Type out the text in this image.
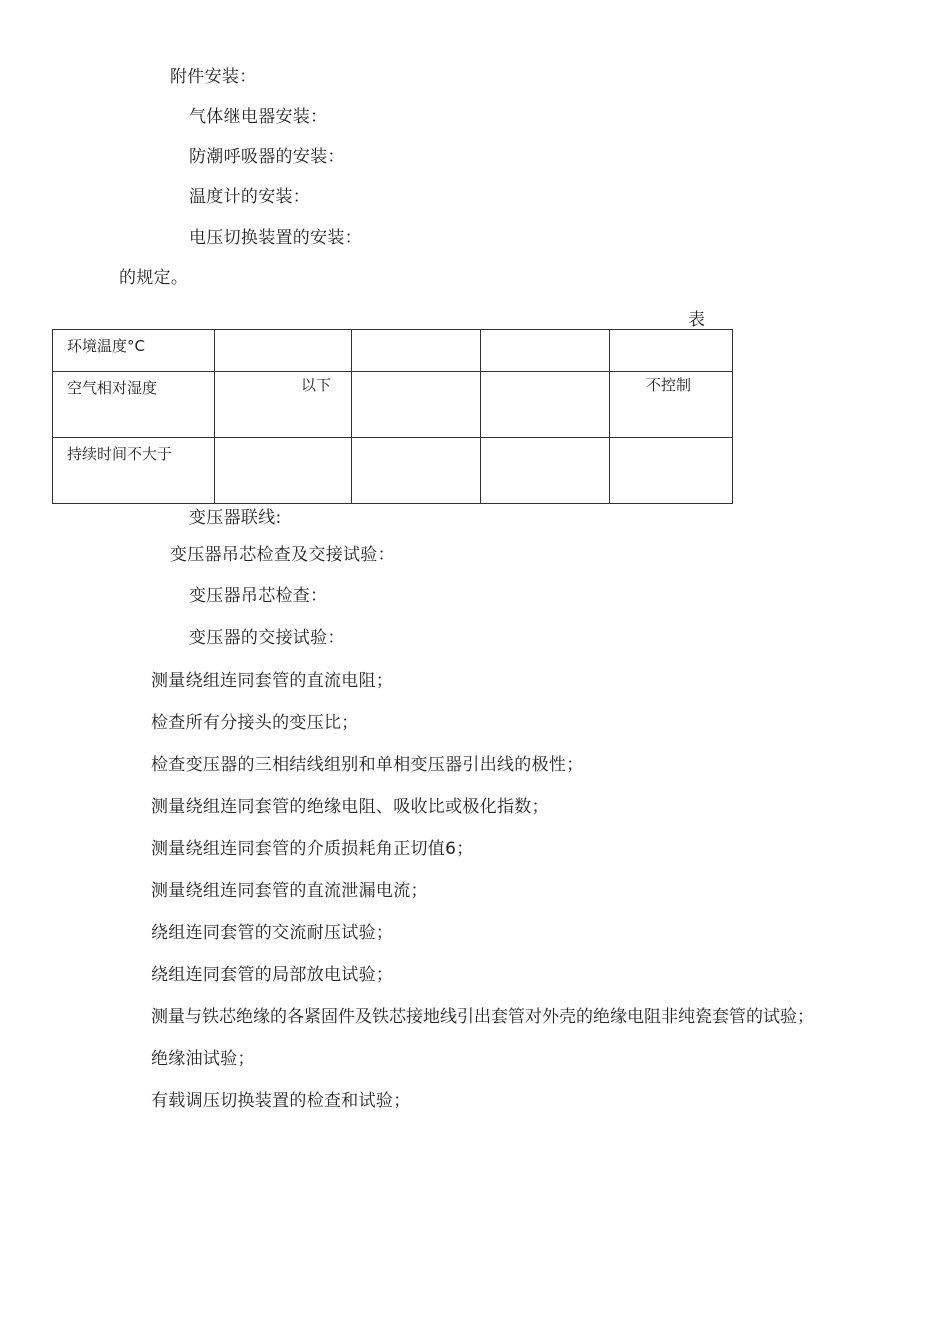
附件安装：
气体继电器安装：
防潮呼吸器的安装：
温度计的安装：
电压切换装置的安装：
的规定。
表
环境温度°C				

空气相对湿度	以下			不控制

持续时间不大于				

变压器联线:
变压器吊芯检查及交接试验：
变压器吊芯检查：
变压器的交接试验：
测量绕组连同套管的直流电阻；
检查所有分接头的变压比；
检查变压器的三相结线组别和单相变压器引出线的极性；
测量绕组连同套管的绝缘电阻、吸收比或极化指数；
测量绕组连同套管的介质损耗角正切值6；
测量绕组连同套管的直流泄漏电流；
绕组连同套管的交流耐压试验；
绕组连同套管的局部放电试验；
测量与铁芯绝缘的各紧固件及铁芯接地线引出套管对外壳的绝缘电阻非纯瓷套管的试验；
绝缘油试验；
有载调压切换装置的检查和试验；
